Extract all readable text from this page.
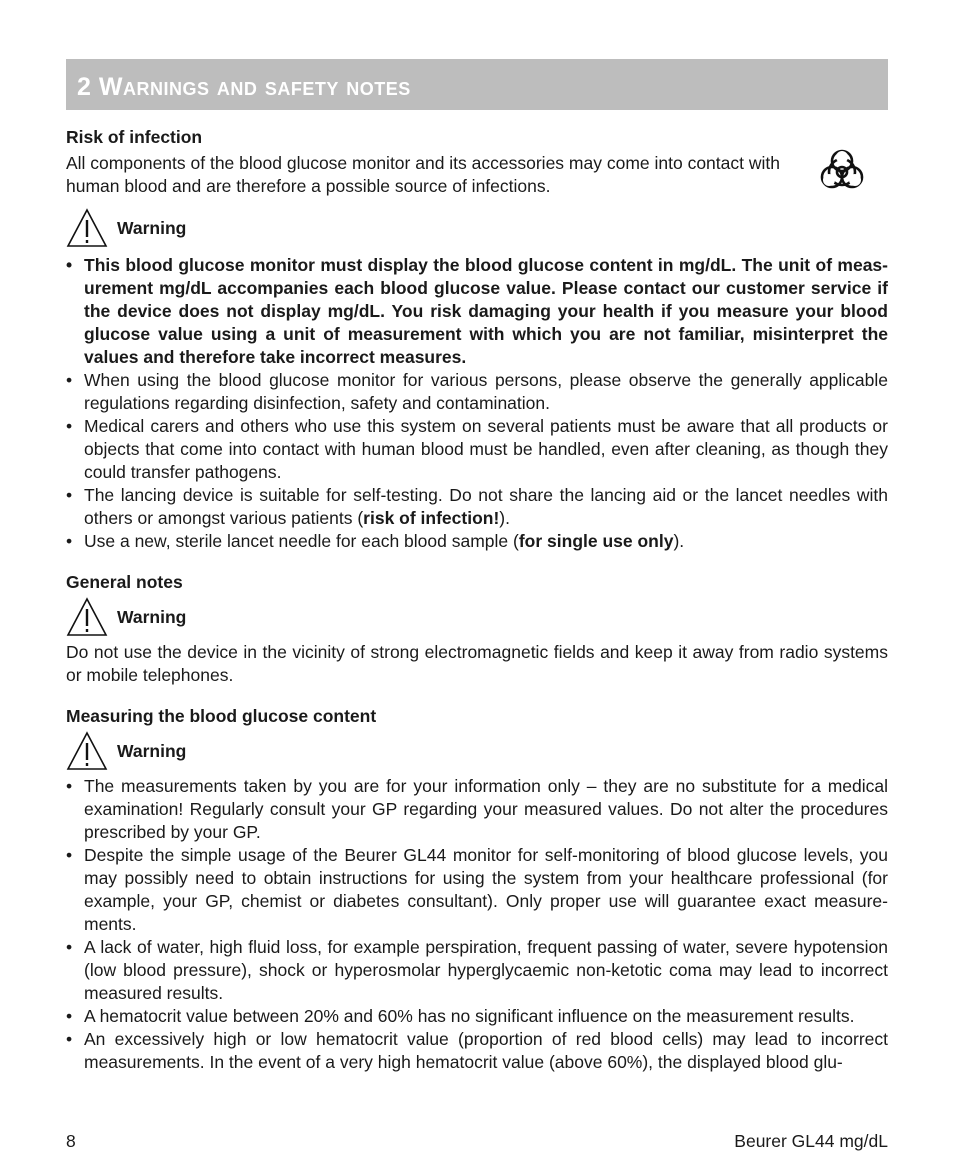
2 Warnings and safety notes

Risk of infection

All components of the blood glucose monitor and its accessories may come into contact with human blood and are therefore a possible source of infections.

Warning
• This blood glucose monitor must display the blood glucose content in mg/dL. The unit of measurement mg/dL accompanies each blood glucose value. Please contact our customer service if the device does not display mg/dL. You risk damaging your health if you measure your blood glucose value using a unit of measurement with which you are not familiar, misinterpret the values and therefore take incorrect measures.
• When using the blood glucose monitor for various persons, please observe the generally applicable regulations regarding disinfection, safety and contamination.
• Medical carers and others who use this system on several patients must be aware that all products or objects that come into contact with human blood must be handled, even after cleaning, as though they could transfer pathogens.
• The lancing device is suitable for self-testing. Do not share the lancing aid or the lancet needles with others or amongst various patients (risk of infection!).
• Use a new, sterile lancet needle for each blood sample (for single use only).

General notes

Warning

Do not use the device in the vicinity of strong electromagnetic fields and keep it away from radio systems or mobile telephones.

Measuring the blood glucose content

Warning
• The measurements taken by you are for your information only – they are no substitute for a medical examination! Regularly consult your GP regarding your measured values. Do not alter the procedures prescribed by your GP.
• Despite the simple usage of the Beurer GL44 monitor for self-monitoring of blood glucose levels, you may possibly need to obtain instructions for using the system from your healthcare professional (for example, your GP, chemist or diabetes consultant). Only proper use will guarantee exact measurements.
• A lack of water, high fluid loss, for example perspiration, frequent passing of water, severe hypotension (low blood pressure), shock or hyperosmolar hyperglycaemic non-ketotic coma may lead to incorrect measured results.
• A hematocrit value between 20% and 60% has no significant influence on the measurement results.
• An excessively high or low hematocrit value (proportion of red blood cells) may lead to incorrect measurements. In the event of a very high hematocrit value (above 60%), the displayed blood glu-
8	Beurer GL44 mg/dL
